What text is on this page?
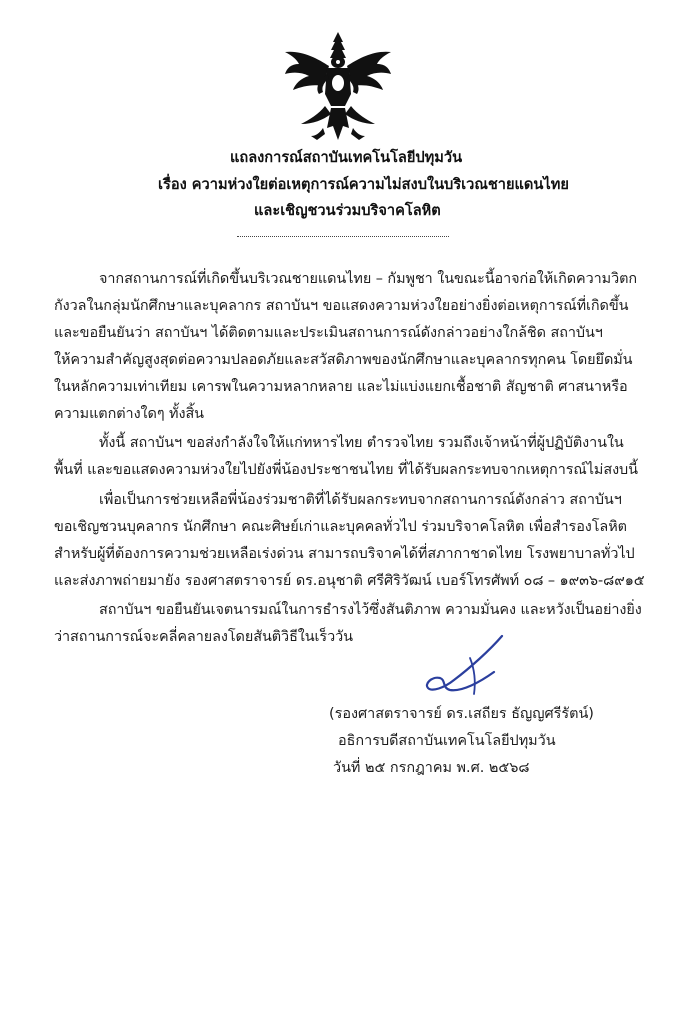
แถลงการณ์สถาบันเทคโนโลยีปทุมวัน
เรื่อง ความห่วงใยต่อเหตุการณ์ความไม่สงบในบริเวณชายแดนไทย
และเชิญชวนร่วมบริจาคโลหิต
จากสถานการณ์ที่เกิดขึ้นบริเวณชายแดนไทย – กัมพูชา ในขณะนี้อาจก่อให้เกิดความวิตก
กังวลในกลุ่มนักศึกษาและบุคลากร สถาบันฯ ขอแสดงความห่วงใยอย่างยิ่งต่อเหตุการณ์ที่เกิดขึ้น
และขอยืนยันว่า สถาบันฯ ได้ติดตามและประเมินสถานการณ์ดังกล่าวอย่างใกล้ชิด สถาบันฯ
ให้ความสำคัญสูงสุดต่อความปลอดภัยและสวัสดิภาพของนักศึกษาและบุคลากรทุกคน โดยยึดมั่น
ในหลักความเท่าเทียม เคารพในความหลากหลาย และไม่แบ่งแยกเชื้อชาติ สัญชาติ ศาสนาหรือ
ความแตกต่างใดๆ ทั้งสิ้น
ทั้งนี้ สถาบันฯ ขอส่งกำลังใจให้แก่ทหารไทย ตำรวจไทย รวมถึงเจ้าหน้าที่ผู้ปฏิบัติงานใน
พื้นที่ และขอแสดงความห่วงใยไปยังพี่น้องประชาชนไทย ที่ได้รับผลกระทบจากเหตุการณ์ไม่สงบนี้
เพื่อเป็นการช่วยเหลือพี่น้องร่วมชาติที่ได้รับผลกระทบจากสถานการณ์ดังกล่าว สถาบันฯ
ขอเชิญชวนบุคลากร นักศึกษา คณะศิษย์เก่าและบุคคลทั่วไป ร่วมบริจาคโลหิต เพื่อสำรองโลหิต
สำหรับผู้ที่ต้องการความช่วยเหลือเร่งด่วน สามารถบริจาคได้ที่สภากาชาดไทย โรงพยาบาลทั่วไป
และส่งภาพถ่ายมายัง รองศาสตราจารย์ ดร.อนุชาติ ศรีศิริวัฒน์ เบอร์โทรศัพท์ ๐๘ – ๑๙๓๖-๘๙๑๕
สถาบันฯ ขอยืนยันเจตนารมณ์ในการธำรงไว้ซึ่งสันติภาพ ความมั่นคง และหวังเป็นอย่างยิ่ง
ว่าสถานการณ์จะคลี่คลายลงโดยสันติวิธีในเร็ววัน
(รองศาสตราจารย์ ดร.เสถียร ธัญญศรีรัตน์)
อธิการบดีสถาบันเทคโนโลยีปทุมวัน
วันที่ ๒๕ กรกฎาคม พ.ศ. ๒๕๖๘
